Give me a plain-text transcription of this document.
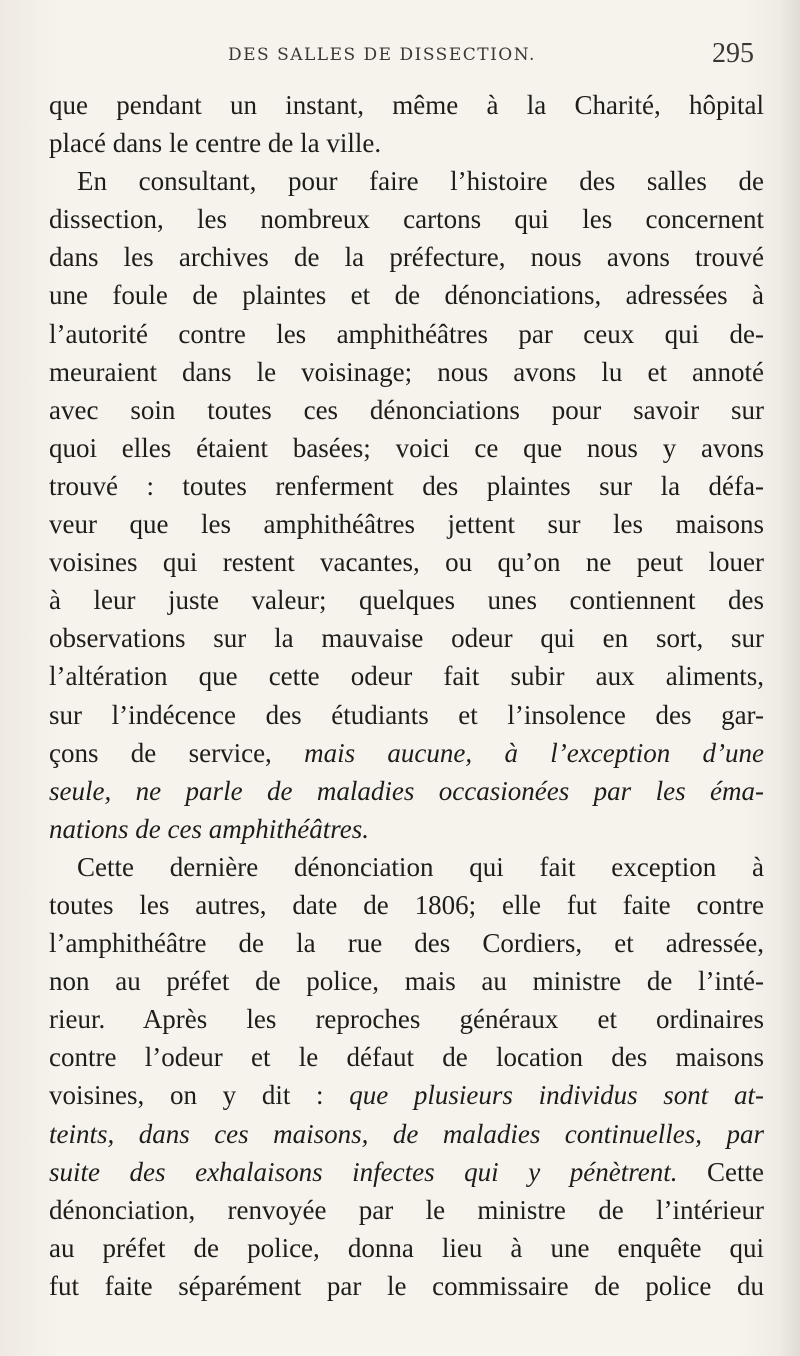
DES SALLES DE DISSECTION.	295
que pendant un instant, même à la Charité, hôpital
placé dans le centre de la ville.
En consultant, pour faire l’histoire des salles de
dissection, les nombreux cartons qui les concernent
dans les archives de la préfecture, nous avons trouvé
une foule de plaintes et de dénonciations, adressées à
l’autorité contre les amphithéâtres par ceux qui de-
meuraient dans le voisinage; nous avons lu et annoté
avec soin toutes ces dénonciations pour savoir sur
quoi elles étaient basées; voici ce que nous y avons
trouvé : toutes renferment des plaintes sur la défa-
veur que les amphithéâtres jettent sur les maisons
voisines qui restent vacantes, ou qu’on ne peut louer
à leur juste valeur; quelques unes contiennent des
observations sur la mauvaise odeur qui en sort, sur
l’altération que cette odeur fait subir aux aliments,
sur l’indécence des étudiants et l’insolence des gar-
çons de service, mais aucune, à l’exception d’une
seule, ne parle de maladies occasionées par les éma-
nations de ces amphithéâtres.
Cette dernière dénonciation qui fait exception à
toutes les autres, date de 1806; elle fut faite contre
l’amphithéâtre de la rue des Cordiers, et adressée,
non au préfet de police, mais au ministre de l’inté-
rieur. Après les reproches généraux et ordinaires
contre l’odeur et le défaut de location des maisons
voisines, on y dit : que plusieurs individus sont at-
teints, dans ces maisons, de maladies continuelles, par
suite des exhalaisons infectes qui y pénètrent. Cette
dénonciation, renvoyée par le ministre de l’intérieur
au préfet de police, donna lieu à une enquête qui
fut faite séparément par le commissaire de police du
